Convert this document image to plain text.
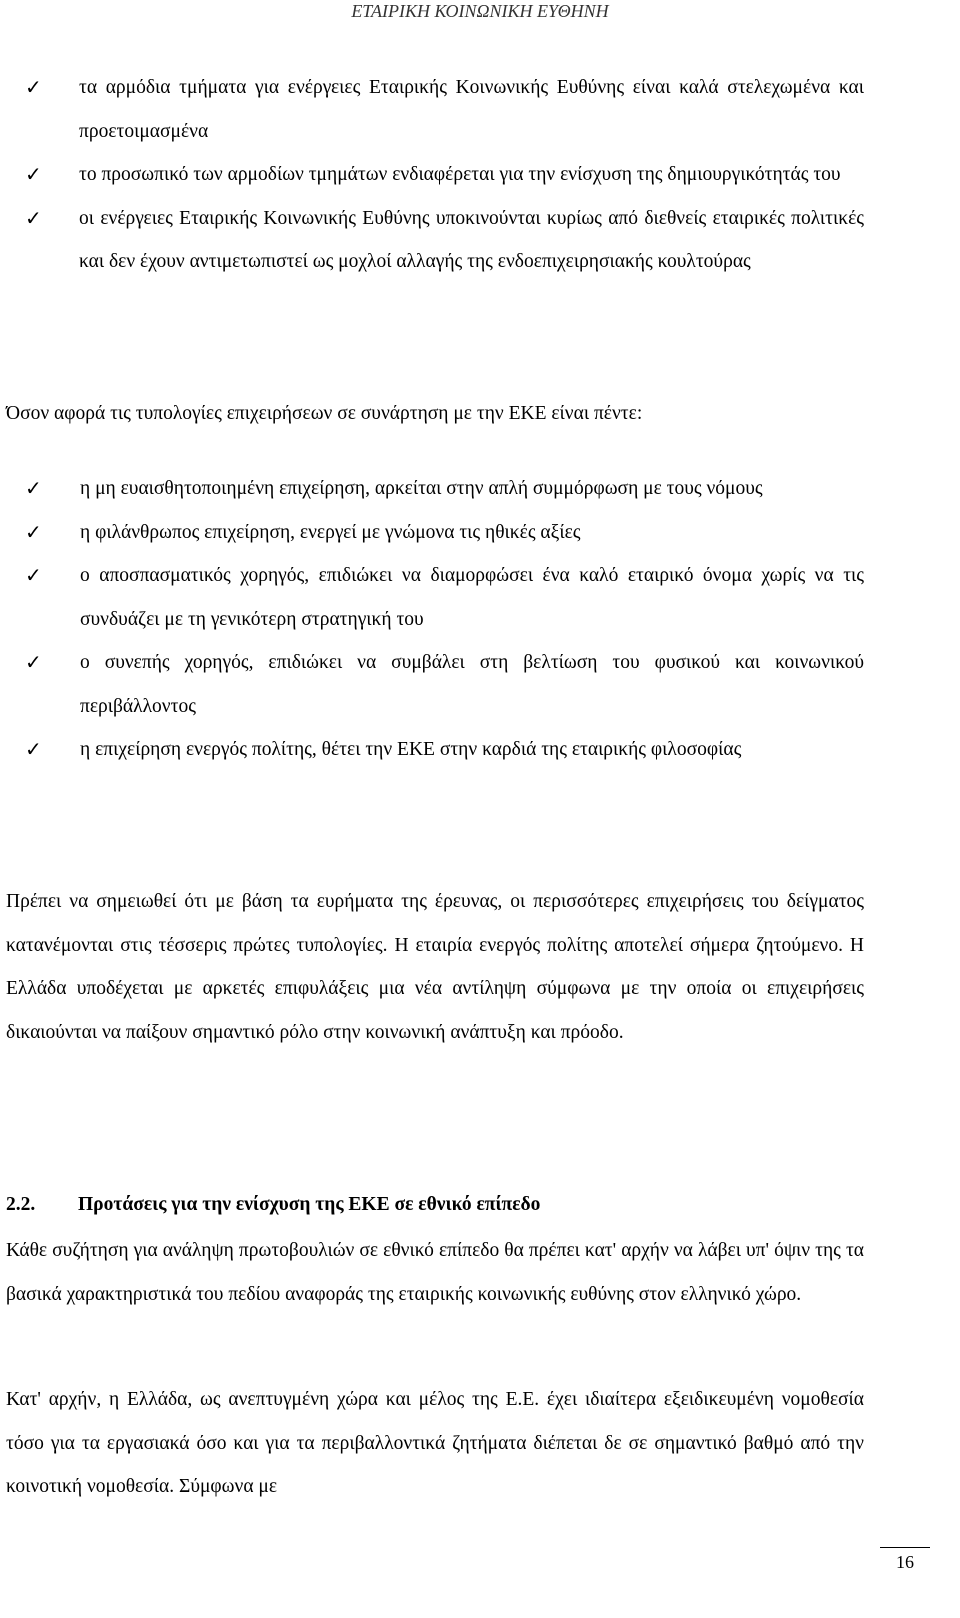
ΕΤΑΙΡΙΚΗ ΚΟΙΝΩΝΙΚΗ ΕΥΘΗΝΗ
✓ τα αρμόδια τμήματα για ενέργειες Εταιρικής Κοινωνικής Ευθύνης είναι καλά στελεχωμένα και προετοιμασμένα
✓ το προσωπικό των αρμοδίων τμημάτων ενδιαφέρεται για την ενίσχυση της δημιουργικότητάς του
✓ οι ενέργειες Εταιρικής Κοινωνικής Ευθύνης υποκινούνται κυρίως από διεθνείς εταιρικές πολιτικές και δεν έχουν αντιμετωπιστεί ως μοχλοί αλλαγής της ενδοεπιχειρησιακής κουλτούρας

Όσον αφορά τις τυπολογίες επιχειρήσεων σε συνάρτηση με την ΕΚΕ είναι πέντε:

✓ η μη ευαισθητοποιημένη επιχείρηση, αρκείται στην απλή συμμόρφωση με τους νόμους
✓ η φιλάνθρωπος επιχείρηση, ενεργεί με γνώμονα τις ηθικές αξίες
✓ ο αποσπασματικός χορηγός, επιδιώκει να διαμορφώσει ένα καλό εταιρικό όνομα χωρίς να τις συνδυάζει με τη γενικότερη στρατηγική του
✓ ο συνεπής χορηγός, επιδιώκει να συμβάλει στη βελτίωση του φυσικού και κοινωνικού περιβάλλοντος
✓ η επιχείρηση ενεργός πολίτης, θέτει την ΕΚΕ στην καρδιά της εταιρικής φιλοσοφίας

Πρέπει να σημειωθεί ότι με βάση τα ευρήματα της έρευνας, οι περισσότερες επιχειρήσεις του δείγματος κατανέμονται στις τέσσερις πρώτες τυπολογίες. Η εταιρία ενεργός πολίτης αποτελεί σήμερα ζητούμενο. Η Ελλάδα υποδέχεται με αρκετές επιφυλάξεις μια νέα αντίληψη σύμφωνα με την οποία οι επιχειρήσεις δικαιούνται να παίξουν σημαντικό ρόλο στην κοινωνική ανάπτυξη και πρόοδο.

2.2. Προτάσεις για την ενίσχυση της ΕΚΕ σε εθνικό επίπεδο

Κάθε συζήτηση για ανάληψη πρωτοβουλιών σε εθνικό επίπεδο θα πρέπει κατ' αρχήν να λάβει υπ' όψιν της τα βασικά χαρακτηριστικά του πεδίου αναφοράς της εταιρικής κοινωνικής ευθύνης στον ελληνικό χώρο.

Κατ' αρχήν, η Ελλάδα, ως ανεπτυγμένη χώρα και μέλος της Ε.Ε. έχει ιδιαίτερα εξειδικευμένη νομοθεσία τόσο για τα εργασιακά όσο και για τα περιβαλλοντικά ζητήματα διέπεται δε σε σημαντικό βαθμό από την κοινοτική νομοθεσία. Σύμφωνα με

16
